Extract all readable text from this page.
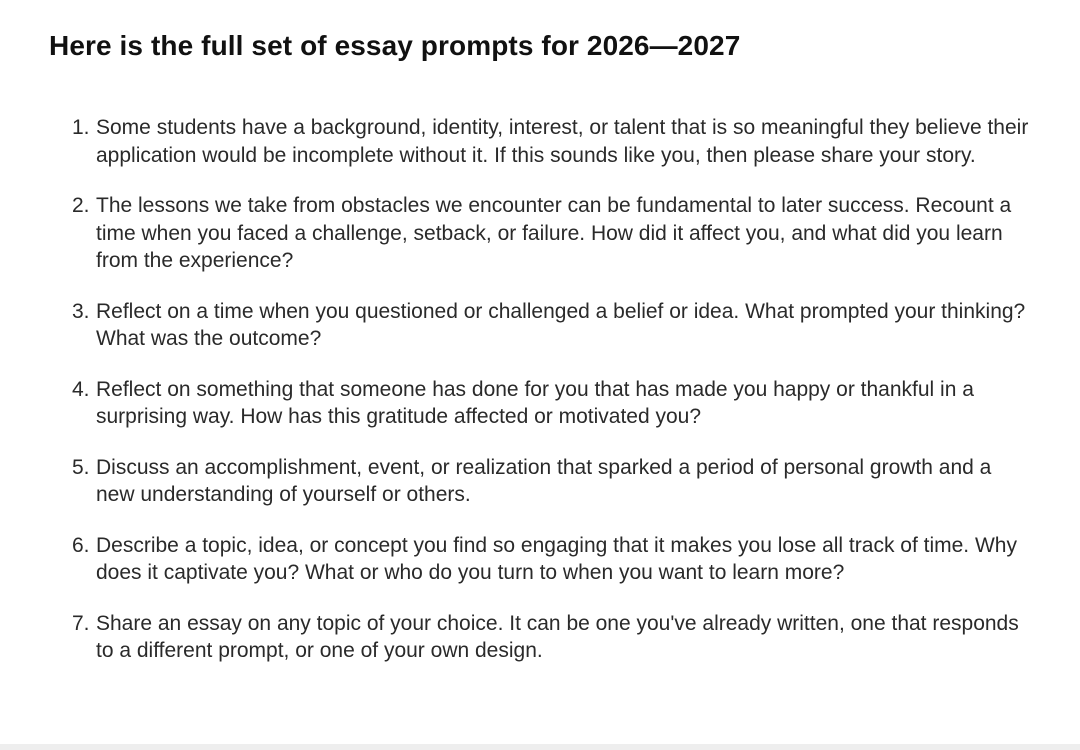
Here is the full set of essay prompts for 2026—2027
1. Some students have a background, identity, interest, or talent that is so meaningful they believe their application would be incomplete without it. If this sounds like you, then please share your story.
2. The lessons we take from obstacles we encounter can be fundamental to later success. Recount a time when you faced a challenge, setback, or failure. How did it affect you, and what did you learn from the experience?
3. Reflect on a time when you questioned or challenged a belief or idea. What prompted your thinking? What was the outcome?
4. Reflect on something that someone has done for you that has made you happy or thankful in a surprising way. How has this gratitude affected or motivated you?
5. Discuss an accomplishment, event, or realization that sparked a period of personal growth and a new understanding of yourself or others.
6. Describe a topic, idea, or concept you find so engaging that it makes you lose all track of time. Why does it captivate you? What or who do you turn to when you want to learn more?
7. Share an essay on any topic of your choice. It can be one you've already written, one that responds to a different prompt, or one of your own design.
